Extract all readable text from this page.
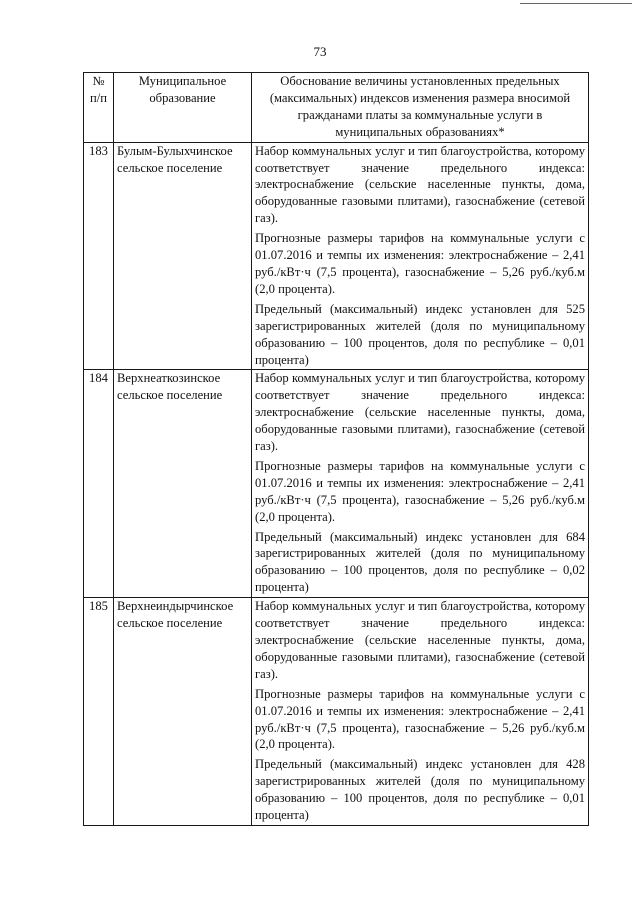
73
№ п/п	Муниципальное образование	Обоснование величины установленных предельных (максимальных) индексов изменения размера вносимой гражданами платы за коммунальные услуги в муниципальных образованиях*
183	Булым-Булыхчинское сельское поселение	Набор коммунальных услуг и тип благоустройства, которому соответствует значение предельного индекса: электроснабжение (сельские населенные пункты, дома, оборудованные газовыми плитами), газоснабжение (сетевой газ).

Прогнозные размеры тарифов на коммунальные услуги с 01.07.2016 и темпы их изменения: электроснабжение – 2,41 руб./кВт·ч (7,5 процента), газоснабжение – 5,26 руб./куб.м (2,0 процента).

Предельный (максимальный) индекс установлен для 525 зарегистрированных жителей (доля по муниципальному образованию – 100 процентов, доля по республике – 0,01 процента)

184	Верхнеаткозинское сельское поселение	Набор коммунальных услуг и тип благоустройства, которому соответствует значение предельного индекса: электроснабжение (сельские населенные пункты, дома, оборудованные газовыми плитами), газоснабжение (сетевой газ).

Прогнозные размеры тарифов на коммунальные услуги с 01.07.2016 и темпы их изменения: электроснабжение – 2,41 руб./кВт·ч (7,5 процента), газоснабжение – 5,26 руб./куб.м (2,0 процента).

Предельный (максимальный) индекс установлен для 684 зарегистрированных жителей (доля по муниципальному образованию – 100 процентов, доля по республике – 0,02 процента)

185	Верхнеиндырчинское сельское поселение	Набор коммунальных услуг и тип благоустройства, которому соответствует значение предельного индекса: электроснабжение (сельские населенные пункты, дома, оборудованные газовыми плитами), газоснабжение (сетевой газ).

Прогнозные размеры тарифов на коммунальные услуги с 01.07.2016 и темпы их изменения: электроснабжение – 2,41 руб./кВт·ч (7,5 процента), газоснабжение – 5,26 руб./куб.м (2,0 процента).

Предельный (максимальный) индекс установлен для 428 зарегистрированных жителей (доля по муниципальному образованию – 100 процентов, доля по республике – 0,01 процента)
